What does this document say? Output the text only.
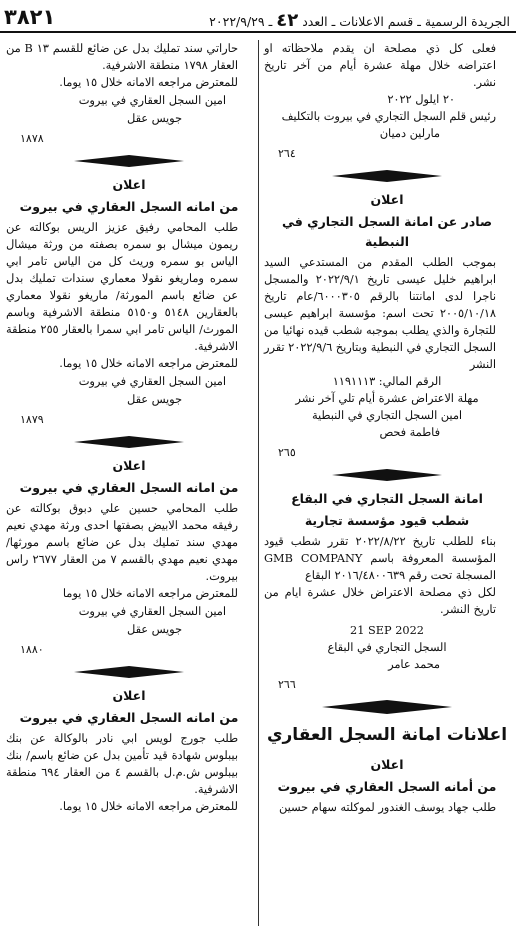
٣٨٢١	الجريدة الرسمية ـ قسم الاعلانات ـ العدد ٤٢ ـ ٢٠٢٢/٩/٢٩

فعلى كل ذي مصلحة ان يقدم ملاحظاته او اعتراضه خلال مهلة عشرة أيام من آخر تاريخ نشر.

٢٠ ايلول ٢٠٢٢

رئيس قلم السجل التجاري في بيروت بالتكليف

مارلين دميان

٢٦٤

اعلان

صادر عن امانة السجل التجاري في النبطية

بموجب الطلب المقدم من المستدعي السيد ابراهيم خليل عيسى تاريخ ٢٠٢٢/٩/١ والمسجل ناجرا لدى امانتنا بالرقم ٦٠٠٠٣٠٥/عام تاريخ ٢٠٠٥/١٠/١٨ تحت اسم: مؤسسة ابراهيم عيسى للتجارة والذي يطلب بموجبه شطب قيده نهائيا من السجل التجاري في النبطية وبتاريخ ٢٠٢٢/٩/٦ تقرر النشر

الرقم المالي: ١١٩١١١٣

مهلة الاعتراض عشرة أيام تلي آخر نشر

امين السجل التجاري في النبطية

فاطمة فحص

٢٦٥

امانة السجل التجاري في البقاع

شطب قيود مؤسسة تجارية

بناء للطلب تاريخ ٢٠٢٢/٨/٢٢ تقرر شطب قيود المؤسسة المعروفة باسم GMB COMPANY المسجلة تحت رقم ٢٠١٦/٤٨٠٠٦٣٩ البقاع

لكل ذي مصلحة الاعتراض خلال عشرة ايام من تاريخ النشر.

21 SEP 2022

السجل التجاري في البقاع

محمد عامر

٢٦٦

اعلانات امانة السجل العقاري

اعلان

من أمانه السجل العقاري في بيروت

طلب جهاد يوسف الغندور لموكلته سهام حسين

حاراتي سند تمليك بدل عن ضائع للقسم ١٣ B من العقار ١٧٩٨ منطقة الاشرفية.

للمعترض مراجعه الامانه خلال ١٥ يوما.

امين السجل العقاري في بيروت

جويس عقل

١٨٧٨

اعلان

من امانه السجل العقاري في بيروت

طلب المحامي رفيق عزيز الريس بوكالته عن ريمون ميشال بو سمره بصفته من ورثة ميشال الياس بو سمره وريث كل من الياس تامر ابي سمره وماريغو نقولا معماري سندات تمليك بدل عن ضائع باسم المورثة/ ماريغو نقولا معماري بالعقارين ٥١٤٨ و٥١٥٠ منطقة الاشرفية وباسم المورث/ الياس تامر ابي سمرا بالعقار ٢٥٥ منطقة الاشرفية.

للمعترض مراجعه الامانه خلال ١٥ يوما.

امين السجل العقاري في بيروت

جويس عقل

١٨٧٩

اعلان

من امانه السجل العقاري في بيروت

طلب المحامي حسين علي دبوق بوكالته عن رفيقه محمد الابيض بصفتها احدى ورثة مهدي نعيم مهدي سند تمليك بدل عن ضائع باسم مورثها/ مهدي نعيم مهدي بالقسم ٧ من العقار ٢٦٧٧ راس بيروت.

للمعترض مراجعه الامانه خلال ١٥ يوما

امين السجل العقاري في بيروت

جويس عقل

١٨٨٠

اعلان

من امانه السجل العقاري في بيروت

طلب جورج لويس ابي نادر بالوكالة عن بنك بيبلوس شهادة قيد تأمين بدل عن ضائع باسم/ بنك بيبلوس ش.م.ل بالقسم ٤ من العقار ٦٩٤ منطقة الاشرفية.

للمعترض مراجعه الامانه خلال ١٥ يوما.
